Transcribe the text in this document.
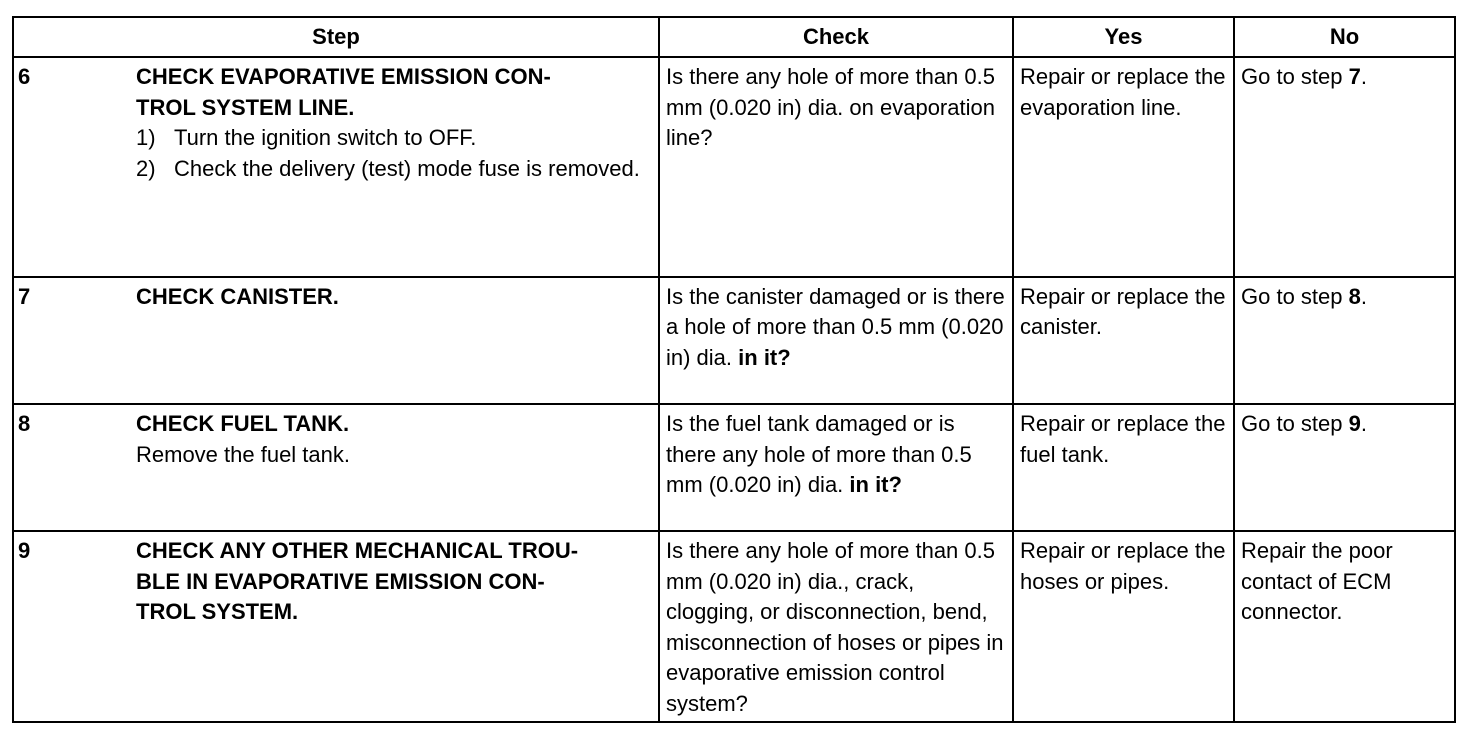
Step	Check	Yes	No

6 CHECK EVAPORATIVE EMISSION CON-
TROL SYSTEM LINE.
1) Turn the ignition switch to OFF.
2) Check the delivery (test) mode fuse is removed.	Is there any hole of more than 0.5 mm (0.020 in) dia. on evaporation line?	Repair or replace the evaporation line.	Go to step 7.

7 CHECK CANISTER.	Is the canister damaged or is there a hole of more than 0.5 mm (0.020 in) dia. in it?	Repair or replace the canister.	Go to step 8.

8 CHECK FUEL TANK.
Remove the fuel tank.	Is the fuel tank damaged or is there any hole of more than 0.5 mm (0.020 in) dia. in it?	Repair or replace the fuel tank.	Go to step 9.

9 CHECK ANY OTHER MECHANICAL TROU-
BLE IN EVAPORATIVE EMISSION CON-
TROL SYSTEM.	Is there any hole of more than 0.5 mm (0.020 in) dia., crack, clogging, or disconnection, bend, misconnection of hoses or pipes in evaporative emission control system?	Repair or replace the hoses or pipes.	Repair the poor contact of ECM connector.
